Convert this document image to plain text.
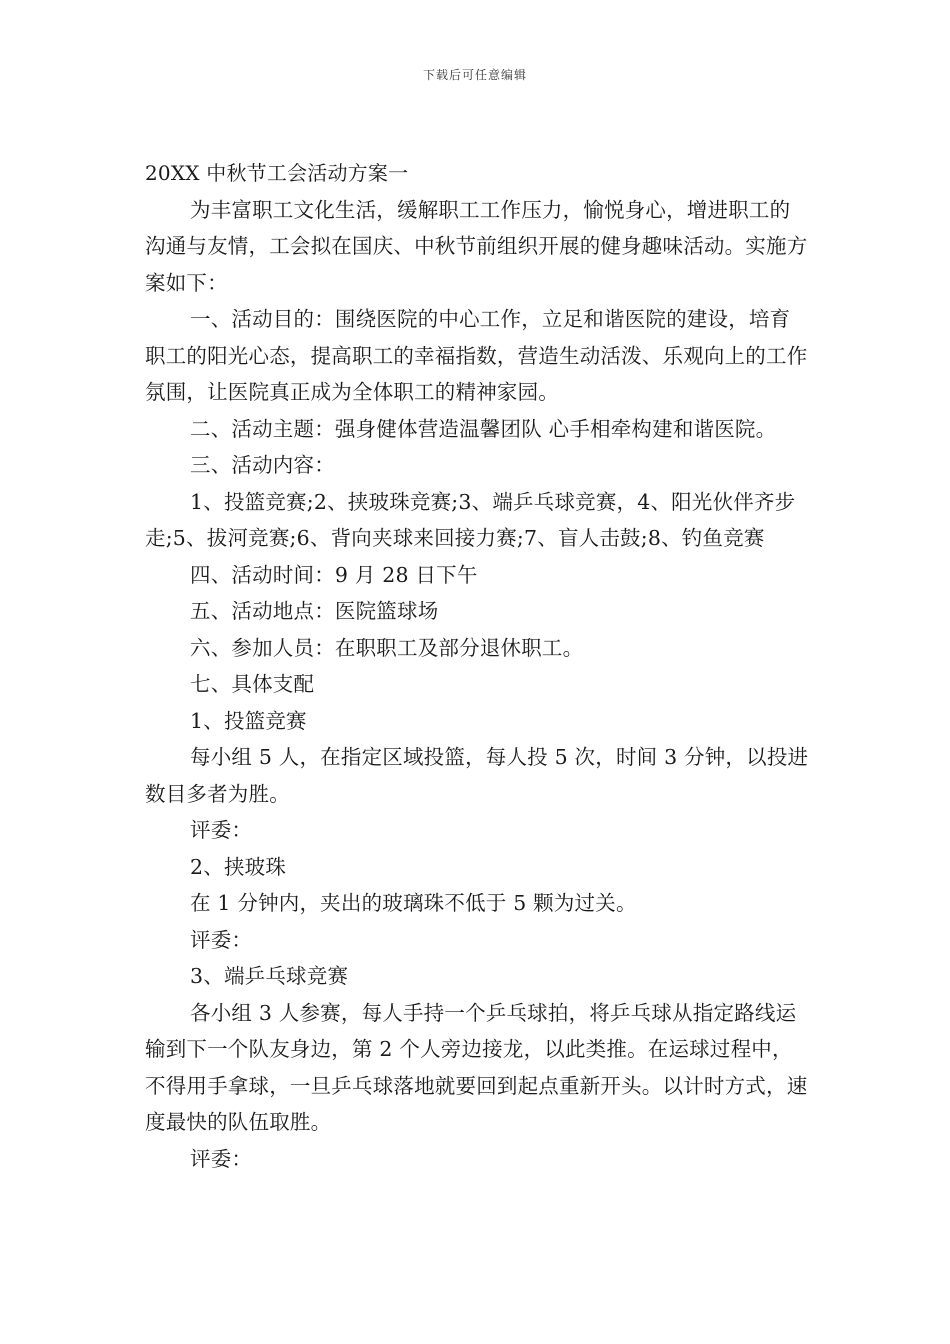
下载后可任意编辑

20XX 中秋节工会活动方案一

为丰富职工文化生活，缓解职工工作压力，愉悦身心，增进职工的沟通与友情，工会拟在国庆、中秋节前组织开展的健身趣味活动。实施方案如下：

一、活动目的：围绕医院的中心工作，立足和谐医院的建设，培育职工的阳光心态，提高职工的幸福指数，营造生动活泼、乐观向上的工作氛围，让医院真正成为全体职工的精神家园。

二、活动主题：强身健体营造温馨团队 心手相牵构建和谐医院。

三、活动内容：

1、投篮竞赛;2、挟玻珠竞赛;3、端乒乓球竞赛，4、阳光伙伴齐步走;5、拔河竞赛;6、背向夹球来回接力赛;7、盲人击鼓;8、钓鱼竞赛

四、活动时间：9 月 28 日下午

五、活动地点：医院篮球场

六、参加人员：在职职工及部分退休职工。

七、具体支配

1、投篮竞赛

每小组 5 人，在指定区域投篮，每人投 5 次，时间 3 分钟，以投进数目多者为胜。

评委：

2、挟玻珠

在 1 分钟内，夹出的玻璃珠不低于 5 颗为过关。

评委：

3、端乒乓球竞赛

各小组 3 人参赛，每人手持一个乒乓球拍，将乒乓球从指定路线运输到下一个队友身边，第 2 个人旁边接龙，以此类推。在运球过程中，不得用手拿球，一旦乒乓球落地就要回到起点重新开头。以计时方式，速度最快的队伍取胜。

评委：
